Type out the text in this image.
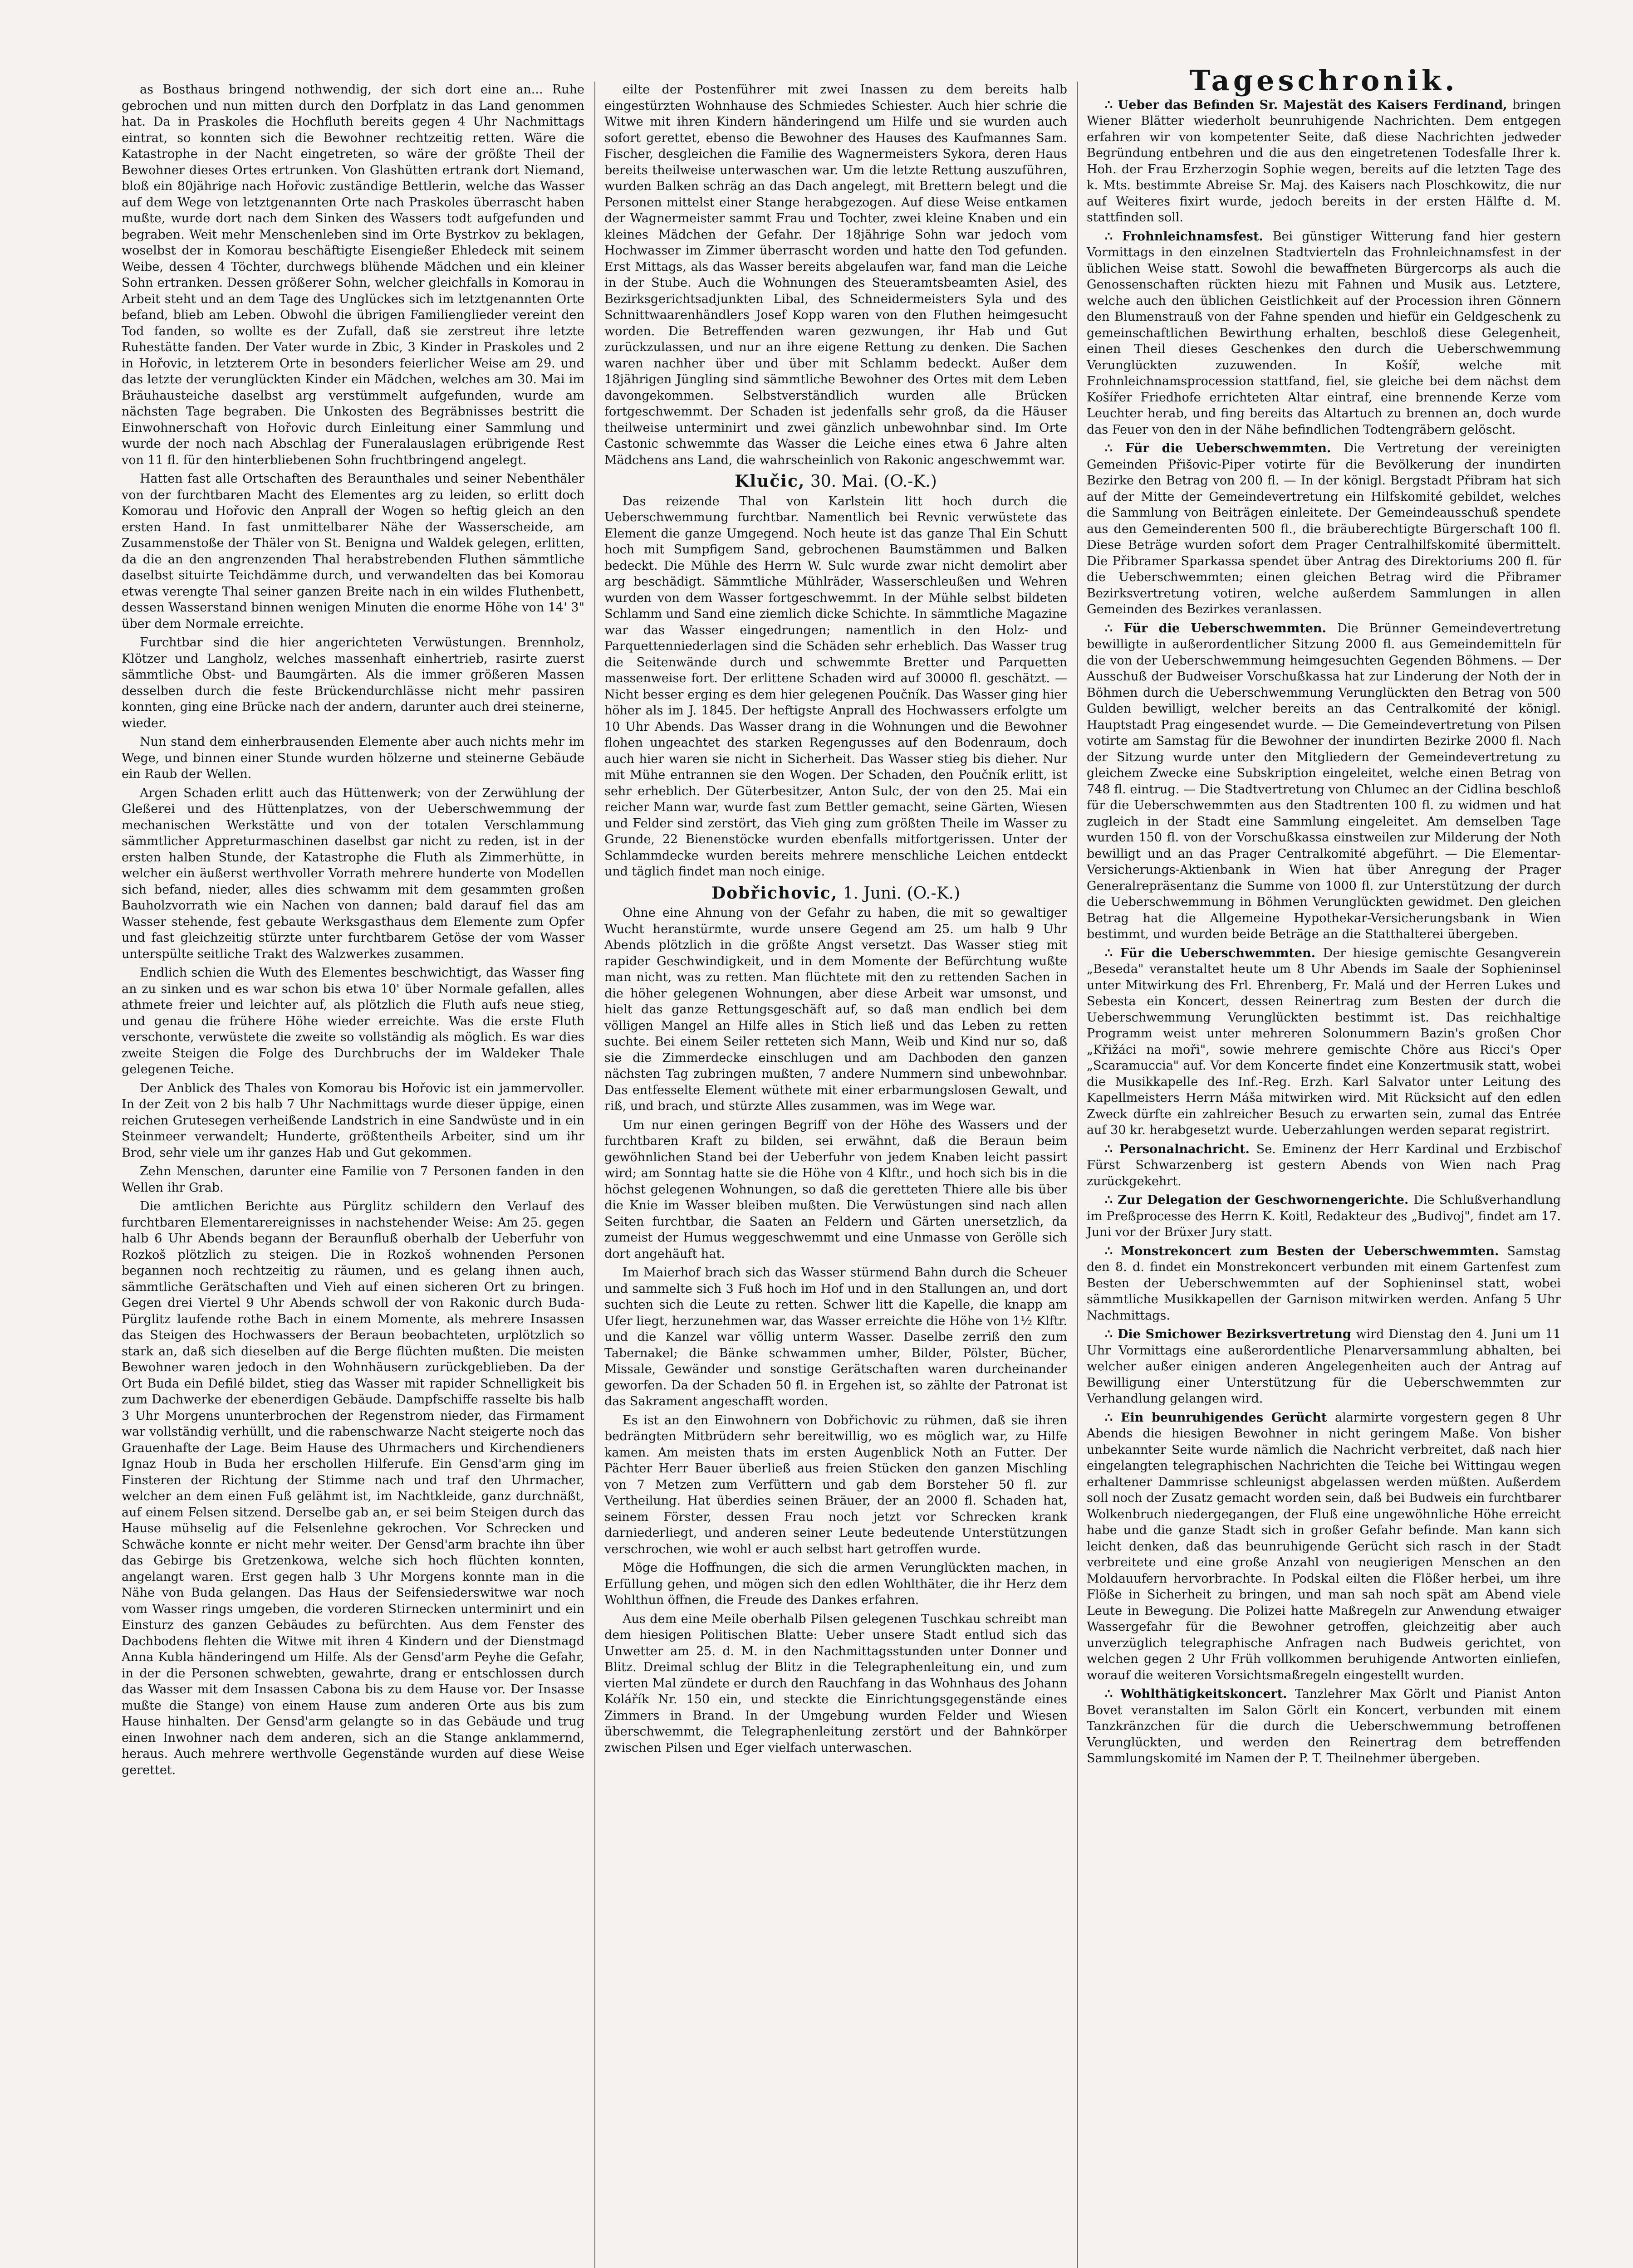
as Bosthaus bringend nothwendig, der sich dort eine an... Ruhe gebrochen und nun mitten durch den Dorfplatz in das Land genommen hat. Da in Praskoles die Hochfluth bereits gegen 4 Uhr Nachmittags eintrat, so konnten sich die Bewohner rechtzeitig retten. Wäre die Katastrophe in der Nacht eingetreten, so wäre der größte Theil der Bewohner dieses Ortes ertrunken. Von Glashütten ertrank dort Niemand, bloß ein 80jährige nach Hořovic zuständige Bettlerin, welche das Wasser auf dem Wege von letztgenannten Orte nach Praskoles überrascht haben mußte, wurde dort nach dem Sinken des Wassers todt aufgefunden und begraben. Weit mehr Menschenleben sind im Orte Bystrkov zu beklagen, woselbst der in Komorau beschäftigte Eisengießer Ehledeck mit seinem Weibe, dessen 4 Töchter, durchwegs blühende Mädchen und ein kleiner Sohn ertranken. Dessen größerer Sohn, welcher gleichfalls in Komorau in Arbeit steht und an dem Tage des Unglückes sich im letztgenannten Orte befand, blieb am Leben. Obwohl die übrigen Familienglieder vereint den Tod fanden, so wollte es der Zufall, daß sie zerstreut ihre letzte Ruhestätte fanden. Der Vater wurde in Zbic, 3 Kinder in Praskoles und 2 in Hořovic, in letzterem Orte in besonders feierlicher Weise am 29. und das letzte der verunglückten Kinder ein Mädchen, welches am 30. Mai im Bräuhausteiche daselbst arg verstümmelt aufgefunden, wurde am nächsten Tage begraben. Die Unkosten des Begräbnisses bestritt die Einwohnerschaft von Hořovic durch Einleitung einer Sammlung und wurde der noch nach Abschlag der Funeralauslagen erübrigende Rest von 11 fl. für den hinterbliebenen Sohn fruchtbringend angelegt.

Hatten fast alle Ortschaften des Beraunthales und seiner Nebenthäler von der furchtbaren Macht des Elementes arg zu leiden, so erlitt doch Komorau und Hořovic den Anprall der Wogen so heftig gleich an den ersten Hand. In fast unmittelbarer Nähe der Wasserscheide, am Zusammenstoße der Thäler von St. Benigna und Waldek gelegen, erlitten, da die an den angrenzenden Thal herabstrebenden Fluthen sämmtliche daselbst situirte Teichdämme durch, und verwandelten das bei Komorau etwas verengte Thal seiner ganzen Breite nach in ein wildes Fluthenbett, dessen Wasserstand binnen wenigen Minuten die enorme Höhe von 14' 3" über dem Normale erreichte.

Furchtbar sind die hier angerichteten Verwüstungen. Brennholz, Klötzer und Langholz, welches massenhaft einhertrieb, rasirte zuerst sämmtliche Obst- und Baumgärten. Als die immer größeren Massen desselben durch die feste Brückendurchlässe nicht mehr passiren konnten, ging eine Brücke nach der andern, darunter auch drei steinerne, wieder.

Nun stand dem einherbrausenden Elemente aber auch nichts mehr im Wege, und binnen einer Stunde wurden hölzerne und steinerne Gebäude ein Raub der Wellen.

Argen Schaden erlitt auch das Hüttenwerk; von der Zerwühlung der Gleßerei und des Hüttenplatzes, von der Ueberschwemmung der mechanischen Werkstätte und von der totalen Verschlammung sämmtlicher Appreturmaschinen daselbst gar nicht zu reden, ist in der ersten halben Stunde, der Katastrophe die Fluth als Zimmerhütte, in welcher ein äußerst werthvoller Vorrath mehrere hunderte von Modellen sich befand, nieder, alles dies schwamm mit dem gesammten großen Bauholzvorrath wie ein Nachen von dannen; bald darauf fiel das am Wasser stehende, fest gebaute Werksgasthaus dem Elemente zum Opfer und fast gleichzeitig stürzte unter furchtbarem Getöse der vom Wasser unterspülte seitliche Trakt des Walzwerkes zusammen.

Endlich schien die Wuth des Elementes beschwichtigt, das Wasser fing an zu sinken und es war schon bis etwa 10' über Normale gefallen, alles athmete freier und leichter auf, als plötzlich die Fluth aufs neue stieg, und genau die frühere Höhe wieder erreichte. Was die erste Fluth verschonte, verwüstete die zweite so vollständig als möglich. Es war dies zweite Steigen die Folge des Durchbruchs der im Waldeker Thale gelegenen Teiche.

Der Anblick des Thales von Komorau bis Hořovic ist ein jammervoller. In der Zeit von 2 bis halb 7 Uhr Nachmittags wurde dieser üppige, einen reichen Grutesegen verheißende Landstrich in eine Sandwüste und in ein Steinmeer verwandelt; Hunderte, größtentheils Arbeiter, sind um ihr Brod, sehr viele um ihr ganzes Hab und Gut gekommen.

Zehn Menschen, darunter eine Familie von 7 Personen fanden in den Wellen ihr Grab.

Die amtlichen Berichte aus Pürglitz schildern den Verlauf des furchtbaren Elementarereignisses in nachstehender Weise: Am 25. gegen halb 6 Uhr Abends begann der Beraunfluß oberhalb der Ueberfuhr von Rozkoš plötzlich zu steigen. Die in Rozkoš wohnenden Personen begannen noch rechtzeitig zu räumen, und es gelang ihnen auch, sämmtliche Gerätschaften und Vieh auf einen sicheren Ort zu bringen. Gegen drei Viertel 9 Uhr Abends schwoll der von Rakonic durch Buda-Pürglitz laufende rothe Bach in einem Momente, als mehrere Insassen das Steigen des Hochwassers der Beraun beobachteten, urplötzlich so stark an, daß sich dieselben auf die Berge flüchten mußten. Die meisten Bewohner waren jedoch in den Wohnhäusern zurückgeblieben. Da der Ort Buda ein Defilé bildet, stieg das Wasser mit rapider Schnelligkeit bis zum Dachwerke der ebenerdigen Gebäude. Dampfschiffe rasselte bis halb 3 Uhr Morgens ununterbrochen der Regenstrom nieder, das Firmament war vollständig verhüllt, und die rabenschwarze Nacht steigerte noch das Grauenhafte der Lage. Beim Hause des Uhrmachers und Kirchendieners Ignaz Houb in Buda her erschollen Hilferufe. Ein Gensd'arm ging im Finsteren der Richtung der Stimme nach und traf den Uhrmacher, welcher an dem einen Fuß gelähmt ist, im Nachtkleide, ganz durchnäßt, auf einem Felsen sitzend. Derselbe gab an, er sei beim Steigen durch das Hause mühselig auf die Felsenlehne gekrochen. Vor Schrecken und Schwäche konnte er nicht mehr weiter. Der Gensd'arm brachte ihn über das Gebirge bis Gretzenkowa, welche sich hoch flüchten konnten, angelangt waren. Erst gegen halb 3 Uhr Morgens konnte man in die Nähe von Buda gelangen. Das Haus der Seifensiederswitwe war noch vom Wasser rings umgeben, die vorderen Stirnecken unterminirt und ein Einsturz des ganzen Gebäudes zu befürchten. Aus dem Fenster des Dachbodens flehten die Witwe mit ihren 4 Kindern und der Dienstmagd Anna Kubla händeringend um Hilfe. Als der Gensd'arm Peyhe die Gefahr, in der die Personen schwebten, gewahrte, drang er entschlossen durch das Wasser mit dem Insassen Cabona bis zu dem Hause vor. Der Insasse mußte die Stange) von einem Hause zum anderen Orte aus bis zum Hause hinhalten. Der Gensd'arm gelangte so in das Gebäude und trug einen Inwohner nach dem anderen, sich an die Stange anklammernd, heraus. Auch mehrere werthvolle Gegenstände wurden auf diese Weise gerettet.

eilte der Postenführer mit zwei Inassen zu dem bereits halb eingestürzten Wohnhause des Schmiedes Schiester. Auch hier schrie die Witwe mit ihren Kindern händeringend um Hilfe und sie wurden auch sofort gerettet, ebenso die Bewohner des Hauses des Kaufmannes Sam. Fischer, desgleichen die Familie des Wagnermeisters Sykora, deren Haus bereits theilweise unterwaschen war. Um die letzte Rettung auszuführen, wurden Balken schräg an das Dach angelegt, mit Brettern belegt und die Personen mittelst einer Stange herabgezogen. Auf diese Weise entkamen der Wagnermeister sammt Frau und Tochter, zwei kleine Knaben und ein kleines Mädchen der Gefahr. Der 18jährige Sohn war jedoch vom Hochwasser im Zimmer überrascht worden und hatte den Tod gefunden. Erst Mittags, als das Wasser bereits abgelaufen war, fand man die Leiche in der Stube. Auch die Wohnungen des Steueramtsbeamten Asiel, des Bezirksgerichtsadjunkten Libal, des Schneidermeisters Syla und des Schnittwaarenhändlers Josef Kopp waren von den Fluthen heimgesucht worden. Die Betreffenden waren gezwungen, ihr Hab und Gut zurückzulassen, und nur an ihre eigene Rettung zu denken. Die Sachen waren nachher über und über mit Schlamm bedeckt. Außer dem 18jährigen Jüngling sind sämmtliche Bewohner des Ortes mit dem Leben davongekommen. Selbstverständlich wurden alle Brücken fortgeschwemmt. Der Schaden ist jedenfalls sehr groß, da die Häuser theilweise unterminirt und zwei gänzlich unbewohnbar sind. Im Orte Castonic schwemmte das Wasser die Leiche eines etwa 6 Jahre alten Mädchens ans Land, die wahrscheinlich von Rakonic angeschwemmt war.

Klučic, 30. Mai. (O.-K.)

Das reizende Thal von Karlstein litt hoch durch die Ueberschwemmung furchtbar. Namentlich bei Revnic verwüstete das Element die ganze Umgegend. Noch heute ist das ganze Thal Ein Schutt hoch mit Sumpfigem Sand, gebrochenen Baumstämmen und Balken bedeckt. Die Mühle des Herrn W. Sulc wurde zwar nicht demolirt aber arg beschädigt. Sämmtliche Mühlräder, Wasserschleußen und Wehren wurden von dem Wasser fortgeschwemmt. In der Mühle selbst bildeten Schlamm und Sand eine ziemlich dicke Schichte. In sämmtliche Magazine war das Wasser eingedrungen; namentlich in den Holz- und Parquettenniederlagen sind die Schäden sehr erheblich. Das Wasser trug die Seitenwände durch und schwemmte Bretter und Parquetten massenweise fort. Der erlittene Schaden wird auf 30000 fl. geschätzt. — Nicht besser erging es dem hier gelegenen Poučník. Das Wasser ging hier höher als im J. 1845. Der heftigste Anprall des Hochwassers erfolgte um 10 Uhr Abends. Das Wasser drang in die Wohnungen und die Bewohner flohen ungeachtet des starken Regengusses auf den Bodenraum, doch auch hier waren sie nicht in Sicherheit. Das Wasser stieg bis dieher. Nur mit Mühe entrannen sie den Wogen. Der Schaden, den Poučník erlitt, ist sehr erheblich. Der Güterbesitzer, Anton Sulc, der von den 25. Mai ein reicher Mann war, wurde fast zum Bettler gemacht, seine Gärten, Wiesen und Felder sind zerstört, das Vieh ging zum größten Theile im Wasser zu Grunde, 22 Bienenstöcke wurden ebenfalls mitfortgerissen. Unter der Schlammdecke wurden bereits mehrere menschliche Leichen entdeckt und täglich findet man noch einige.

Dobřichovic, 1. Juni. (O.-K.)

Ohne eine Ahnung von der Gefahr zu haben, die mit so gewaltiger Wucht heranstürmte, wurde unsere Gegend am 25. um halb 9 Uhr Abends plötzlich in die größte Angst versetzt. Das Wasser stieg mit rapider Geschwindigkeit, und in dem Momente der Befürchtung wußte man nicht, was zu retten. Man flüchtete mit den zu rettenden Sachen in die höher gelegenen Wohnungen, aber diese Arbeit war umsonst, und hielt das ganze Rettungsgeschäft auf, so daß man endlich bei dem völligen Mangel an Hilfe alles in Stich ließ und das Leben zu retten suchte. Bei einem Seiler retteten sich Mann, Weib und Kind nur so, daß sie die Zimmerdecke einschlugen und am Dachboden den ganzen nächsten Tag zubringen mußten, 7 andere Nummern sind unbewohnbar. Das entfesselte Element wüthete mit einer erbarmungslosen Gewalt, und riß, und brach, und stürzte Alles zusammen, was im Wege war.

Um nur einen geringen Begriff von der Höhe des Wassers und der furchtbaren Kraft zu bilden, sei erwähnt, daß die Beraun beim gewöhnlichen Stand bei der Ueberfuhr von jedem Knaben leicht passirt wird; am Sonntag hatte sie die Höhe von 4 Klftr., und hoch sich bis in die höchst gelegenen Wohnungen, so daß die geretteten Thiere alle bis über die Knie im Wasser bleiben mußten. Die Verwüstungen sind nach allen Seiten furchtbar, die Saaten an Feldern und Gärten unersetzlich, da zumeist der Humus weggeschwemmt und eine Unmasse von Gerölle sich dort angehäuft hat.

Im Maierhof brach sich das Wasser stürmend Bahn durch die Scheuer und sammelte sich 3 Fuß hoch im Hof und in den Stallungen an, und dort suchten sich die Leute zu retten. Schwer litt die Kapelle, die knapp am Ufer liegt, herzunehmen war, das Wasser erreichte die Höhe von 1½ Klftr. und die Kanzel war völlig unterm Wasser. Daselbe zerriß den zum Tabernakel; die Bänke schwammen umher, Bilder, Pölster, Bücher, Missale, Gewänder und sonstige Gerätschaften waren durcheinander geworfen. Da der Schaden 50 fl. in Ergehen ist, so zählte der Patronat ist das Sakrament angeschafft worden.

Es ist an den Einwohnern von Dobřichovic zu rühmen, daß sie ihren bedrängten Mitbrüdern sehr bereitwillig, wo es möglich war, zu Hilfe kamen. Am meisten thats im ersten Augenblick Noth an Futter. Der Pächter Herr Bauer überließ aus freien Stücken den ganzen Mischling von 7 Metzen zum Verfüttern und gab dem Borsteher 50 fl. zur Vertheilung. Hat überdies seinen Bräuer, der an 2000 fl. Schaden hat, seinem Förster, dessen Frau noch jetzt vor Schrecken krank darniederliegt, und anderen seiner Leute bedeutende Unterstützungen verschrochen, wie wohl er auch selbst hart getroffen wurde.

Möge die Hoffnungen, die sich die armen Verunglückten machen, in Erfüllung gehen, und mögen sich den edlen Wohlthäter, die ihr Herz dem Wohlthun öffnen, die Freude des Dankes erfahren.

Aus dem eine Meile oberhalb Pilsen gelegenen Tuschkau schreibt man dem hiesigen Politischen Blatte: Ueber unsere Stadt entlud sich das Unwetter am 25. d. M. in den Nachmittagsstunden unter Donner und Blitz. Dreimal schlug der Blitz in die Telegraphenleitung ein, und zum vierten Mal zündete er durch den Rauchfang in das Wohnhaus des Johann Kolářík Nr. 150 ein, und steckte die Einrichtungsgegenstände eines Zimmers in Brand. In der Umgebung wurden Felder und Wiesen überschwemmt, die Telegraphenleitung zerstört und der Bahnkörper zwischen Pilsen und Eger vielfach unterwaschen.

Tageschronik.

∴ Ueber das Befinden Sr. Majestät des Kaisers Ferdinand, bringen Wiener Blätter wiederholt beunruhigende Nachrichten. Dem entgegen erfahren wir von kompetenter Seite, daß diese Nachrichten jedweder Begründung entbehren und die aus den eingetretenen Todesfalle Ihrer k. Hoh. der Frau Erzherzogin Sophie wegen, bereits auf die letzten Tage des k. Mts. bestimmte Abreise Sr. Maj. des Kaisers nach Ploschkowitz, die nur auf Weiteres fixirt wurde, jedoch bereits in der ersten Hälfte d. M. stattfinden soll.

∴ Frohnleichnamsfest. Bei günstiger Witterung fand hier gestern Vormittags in den einzelnen Stadtvierteln das Frohnleichnamsfest in der üblichen Weise statt. Sowohl die bewaffneten Bürgercorps als auch die Genossenschaften rückten hiezu mit Fahnen und Musik aus. Letztere, welche auch den üblichen Geistlichkeit auf der Procession ihren Gönnern den Blumenstrauß von der Fahne spenden und hiefür ein Geldgeschenk zu gemeinschaftlichen Bewirthung erhalten, beschloß diese Gelegenheit, einen Theil dieses Geschenkes den durch die Ueberschwemmung Verunglückten zuzuwenden. In Košíř, welche mit Frohnleichnamsprocession stattfand, fiel, sie gleiche bei dem nächst dem Košířer Friedhofe errichteten Altar eintraf, eine brennende Kerze vom Leuchter herab, und fing bereits das Altartuch zu brennen an, doch wurde das Feuer von den in der Nähe befindlichen Todtengräbern gelöscht.

∴ Für die Ueberschwemmten. Die Vertretung der vereinigten Gemeinden Přišovic-Piper votirte für die Bevölkerung der inundirten Bezirke den Betrag von 200 fl. — In der königl. Bergstadt Přibram hat sich auf der Mitte der Gemeindevertretung ein Hilfskomité gebildet, welches die Sammlung von Beiträgen einleitete. Der Gemeindeausschuß spendete aus den Gemeinderenten 500 fl., die bräuberechtigte Bürgerschaft 100 fl. Diese Beträge wurden sofort dem Prager Centralhilfskomité übermittelt. Die Přibramer Sparkassa spendet über Antrag des Direktoriums 200 fl. für die Ueberschwemmten; einen gleichen Betrag wird die Přibramer Bezirksvertretung votiren, welche außerdem Sammlungen in allen Gemeinden des Bezirkes veranlassen.

∴ Für die Ueberschwemmten. Die Brünner Gemeindevertretung bewilligte in außerordentlicher Sitzung 2000 fl. aus Gemeindemitteln für die von der Ueberschwemmung heimgesuchten Gegenden Böhmens. — Der Ausschuß der Budweiser Vorschußkassa hat zur Linderung der Noth der in Böhmen durch die Ueberschwemmung Verunglückten den Betrag von 500 Gulden bewilligt, welcher bereits an das Centralkomité der königl. Hauptstadt Prag eingesendet wurde. — Die Gemeindevertretung von Pilsen votirte am Samstag für die Bewohner der inundirten Bezirke 2000 fl. Nach der Sitzung wurde unter den Mitgliedern der Gemeindevertretung zu gleichem Zwecke eine Subskription eingeleitet, welche einen Betrag von 748 fl. eintrug. — Die Stadtvertretung von Chlumec an der Cidlina beschloß für die Ueberschwemmten aus den Stadtrenten 100 fl. zu widmen und hat zugleich in der Stadt eine Sammlung eingeleitet. Am demselben Tage wurden 150 fl. von der Vorschußkassa einstweilen zur Milderung der Noth bewilligt und an das Prager Centralkomité abgeführt. — Die Elementar-Versicherungs-Aktienbank in Wien hat über Anregung der Prager Generalrepräsentanz die Summe von 1000 fl. zur Unterstützung der durch die Ueberschwemmung in Böhmen Verunglückten gewidmet. Den gleichen Betrag hat die Allgemeine Hypothekar-Versicherungsbank in Wien bestimmt, und wurden beide Beträge an die Statthalterei übergeben.

∴ Für die Ueberschwemmten. Der hiesige gemischte Gesangverein „Beseda" veranstaltet heute um 8 Uhr Abends im Saale der Sophieninsel unter Mitwirkung des Frl. Ehrenberg, Fr. Malá und der Herren Lukes und Sebesta ein Koncert, dessen Reinertrag zum Besten der durch die Ueberschwemmung Verunglückten bestimmt ist. Das reichhaltige Programm weist unter mehreren Solonummern Bazin's großen Chor „Křižáci na moři", sowie mehrere gemischte Chöre aus Ricci's Oper „Scaramuccia" auf. Vor dem Koncerte findet eine Konzertmusik statt, wobei die Musikkapelle des Inf.-Reg. Erzh. Karl Salvator unter Leitung des Kapellmeisters Herrn Máša mitwirken wird. Mit Rücksicht auf den edlen Zweck dürfte ein zahlreicher Besuch zu erwarten sein, zumal das Entrée auf 30 kr. herabgesetzt wurde. Ueberzahlungen werden separat registrirt.

∴ Personalnachricht. Se. Eminenz der Herr Kardinal und Erzbischof Fürst Schwarzenberg ist gestern Abends von Wien nach Prag zurückgekehrt.

∴ Zur Delegation der Geschwornengerichte. Die Schlußverhandlung im Preßprocesse des Herrn K. Koitl, Redakteur des „Budivoj", findet am 17. Juni vor der Brüxer Jury statt.

∴ Monstrekoncert zum Besten der Ueberschwemmten. Samstag den 8. d. findet ein Monstrekoncert verbunden mit einem Gartenfest zum Besten der Ueberschwemmten auf der Sophieninsel statt, wobei sämmtliche Musikkapellen der Garnison mitwirken werden. Anfang 5 Uhr Nachmittags.

∴ Die Smichower Bezirksvertretung wird Dienstag den 4. Juni um 11 Uhr Vormittags eine außerordentliche Plenarversammlung abhalten, bei welcher außer einigen anderen Angelegenheiten auch der Antrag auf Bewilligung einer Unterstützung für die Ueberschwemmten zur Verhandlung gelangen wird.

∴ Ein beunruhigendes Gerücht alarmirte vorgestern gegen 8 Uhr Abends die hiesigen Bewohner in nicht geringem Maße. Von bisher unbekannter Seite wurde nämlich die Nachricht verbreitet, daß nach hier eingelangten telegraphischen Nachrichten die Teiche bei Wittingau wegen erhaltener Dammrisse schleunigst abgelassen werden müßten. Außerdem soll noch der Zusatz gemacht worden sein, daß bei Budweis ein furchtbarer Wolkenbruch niedergegangen, der Fluß eine ungewöhnliche Höhe erreicht habe und die ganze Stadt sich in großer Gefahr befinde. Man kann sich leicht denken, daß das beunruhigende Gerücht sich rasch in der Stadt verbreitete und eine große Anzahl von neugierigen Menschen an den Moldauufern hervorbrachte. In Podskal eilten die Flößer herbei, um ihre Flöße in Sicherheit zu bringen, und man sah noch spät am Abend viele Leute in Bewegung. Die Polizei hatte Maßregeln zur Anwendung etwaiger Wassergefahr für die Bewohner getroffen, gleichzeitig aber auch unverzüglich telegraphische Anfragen nach Budweis gerichtet, von welchen gegen 2 Uhr Früh vollkommen beruhigende Antworten einliefen, worauf die weiteren Vorsichtsmaßregeln eingestellt wurden.

∴ Wohlthätigkeitskoncert. Tanzlehrer Max Görlt und Pianist Anton Bovet veranstalten im Salon Görlt ein Koncert, verbunden mit einem Tanzkränzchen für die durch die Ueberschwemmung betroffenen Verunglückten, und werden den Reinertrag dem betreffenden Sammlungskomité im Namen der P. T. Theilnehmer übergeben.
